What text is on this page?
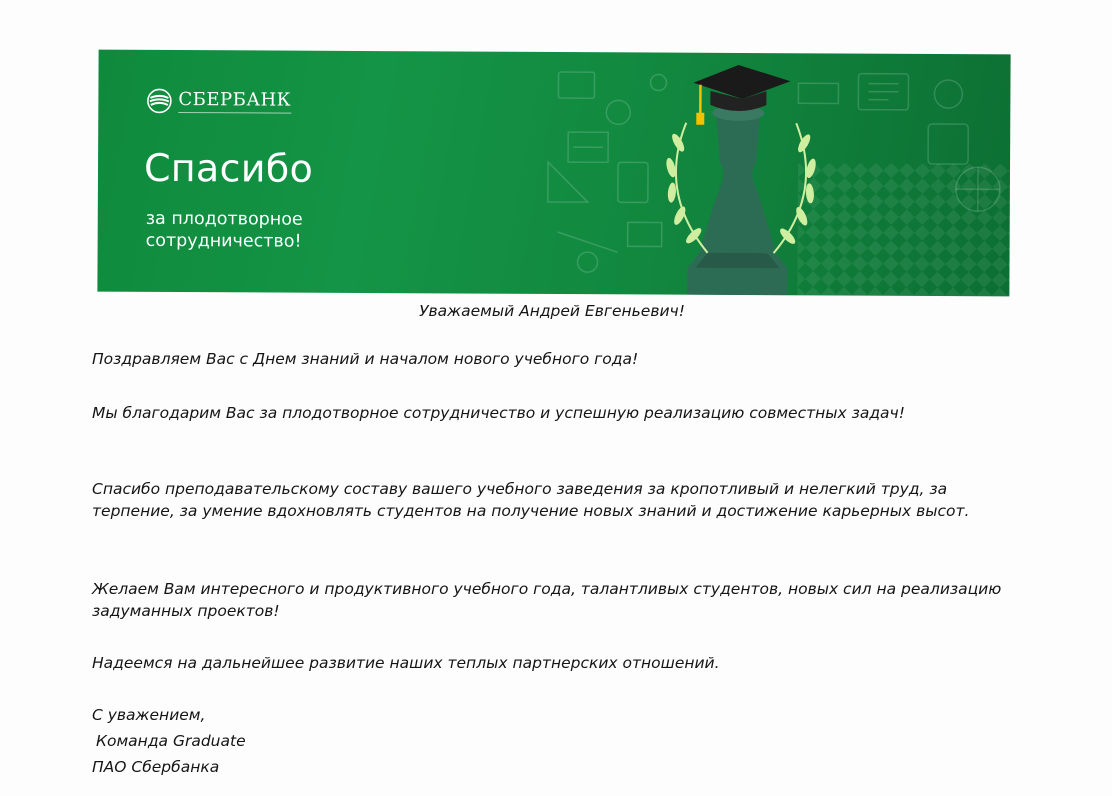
СБЕРБАНК
Спасибо
за плодотворное
сотрудничество!

Уважаемый Андрей Евгеньевич!

Поздравляем Вас с Днем знаний и началом нового учебного года!

Мы благодарим Вас за плодотворное сотрудничество и успешную реализацию совместных задач!

Спасибо преподавательскому составу вашего учебного заведения за кропотливый и нелегкий труд, за терпение, за умение вдохновлять студентов на получение новых знаний и достижение карьерных высот.

Желаем Вам интересного и продуктивного учебного года, талантливых студентов, новых сил на реализацию задуманных проектов!

Надеемся на дальнейшее развитие наших теплых партнерских отношений.

С уважением,
Команда Graduate
ПАО Сбербанка
